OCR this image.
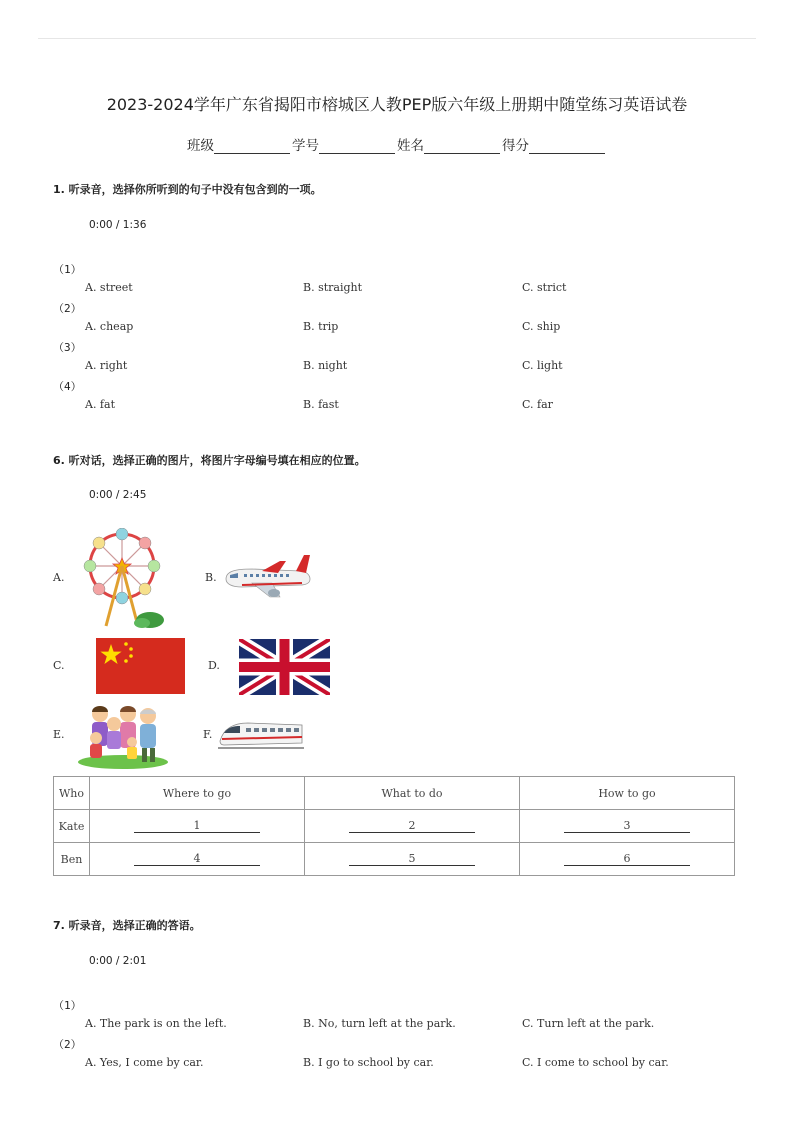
2023-2024学年广东省揭阳市榕城区人教PEP版六年级上册期中随堂练习英语试卷
班级	学号	姓名	得分
1. 听录音，选择你所听到的句子中没有包含到的一项。
0:00 / 1:36
（1）
A. street	B. straight	C. strict
（2）
A. cheap	B. trip	C. ship
（3）
A. right	B. night	C. light
（4）
A. fat	B. fast	C. far
6. 听对话，选择正确的图片，将图片字母编号填在相应的位置。
0:00 / 2:45
A.	B.
C.	D.
E.	F.
Who	Where to go	What to do	How to go
Kate	1	2	3
Ben	4	5	6
7. 听录音，选择正确的答语。
0:00 / 2:01
（1）
A. The park is on the left.	B. No, turn left at the park.	C. Turn left at the park.
（2）
A. Yes, I come by car.	B. I go to school by car.	C. I come to school by car.
